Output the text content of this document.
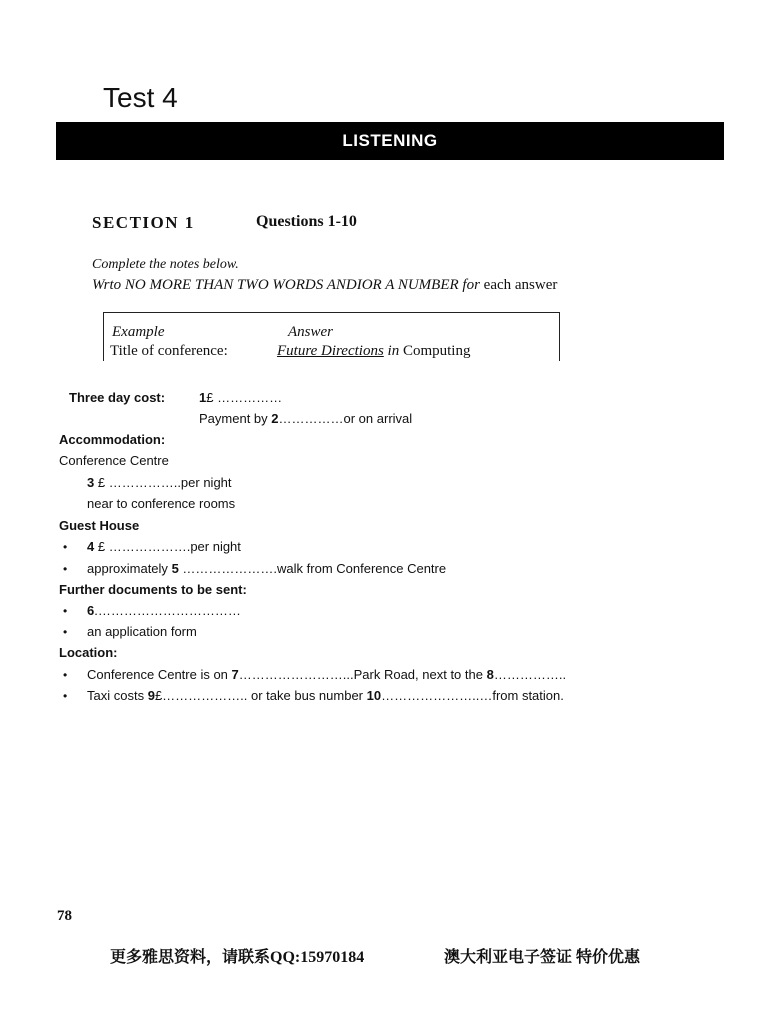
Test 4
LISTENING
SECTION 1	Questions 1-10
Complete the notes below.
Wrto NO MORE THAN TWO WORDS ANDIOR A NUMBER for each answer
Example	Answer
Title of conference:	Future Directions in Computing
Three day cost:	1£ ……………
Payment by 2……………or on arrival
Accommodation:
Conference Centre
3 £ ……………..per night
near to conference rooms
Guest House
• 4 £ ……………….per night
• approximately 5 ………………….walk from Conference Centre
Further documents to be sent:
• 6.……………………………
• an application form
Location:
• Conference Centre is on 7……………………...Park Road, next to the 8……………..
• Taxi costs 9£……………….. or take bus number 10…………………..…from station.
78
更多雅思资料，请联系QQ:15970184	澳大利亚电子签证 特价优惠
